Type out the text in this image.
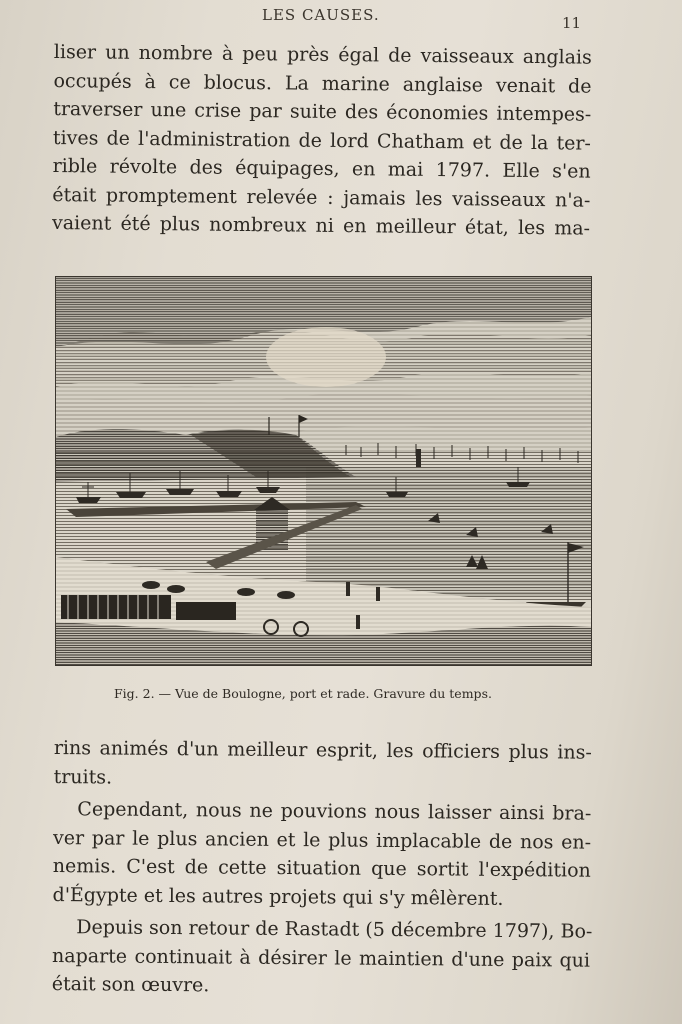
LES CAUSES.	11

liser un nombre à peu près égal de vaisseaux anglais
occupés à ce blocus. La marine anglaise venait de
traverser une crise par suite des économies intempes-
tives de l'administration de lord Chatham et de la ter-
rible révolte des équipages, en mai 1797. Elle s'en
était promptement relevée : jamais les vaisseaux n'a-
vaient été plus nombreux ni en meilleur état, les ma-

Fig. 2. — Vue de Boulogne, port et rade. Gravure du temps.

rins animés d'un meilleur esprit, les officiers plus ins-
truits.
Cependant, nous ne pouvions nous laisser ainsi bra-
ver par le plus ancien et le plus implacable de nos en-
nemis. C'est de cette situation que sortit l'expédition
d'Égypte et les autres projets qui s'y mêlèrent.
Depuis son retour de Rastadt (5 décembre 1797), Bo-
naparte continuait à désirer le maintien d'une paix qui
était son œuvre.
